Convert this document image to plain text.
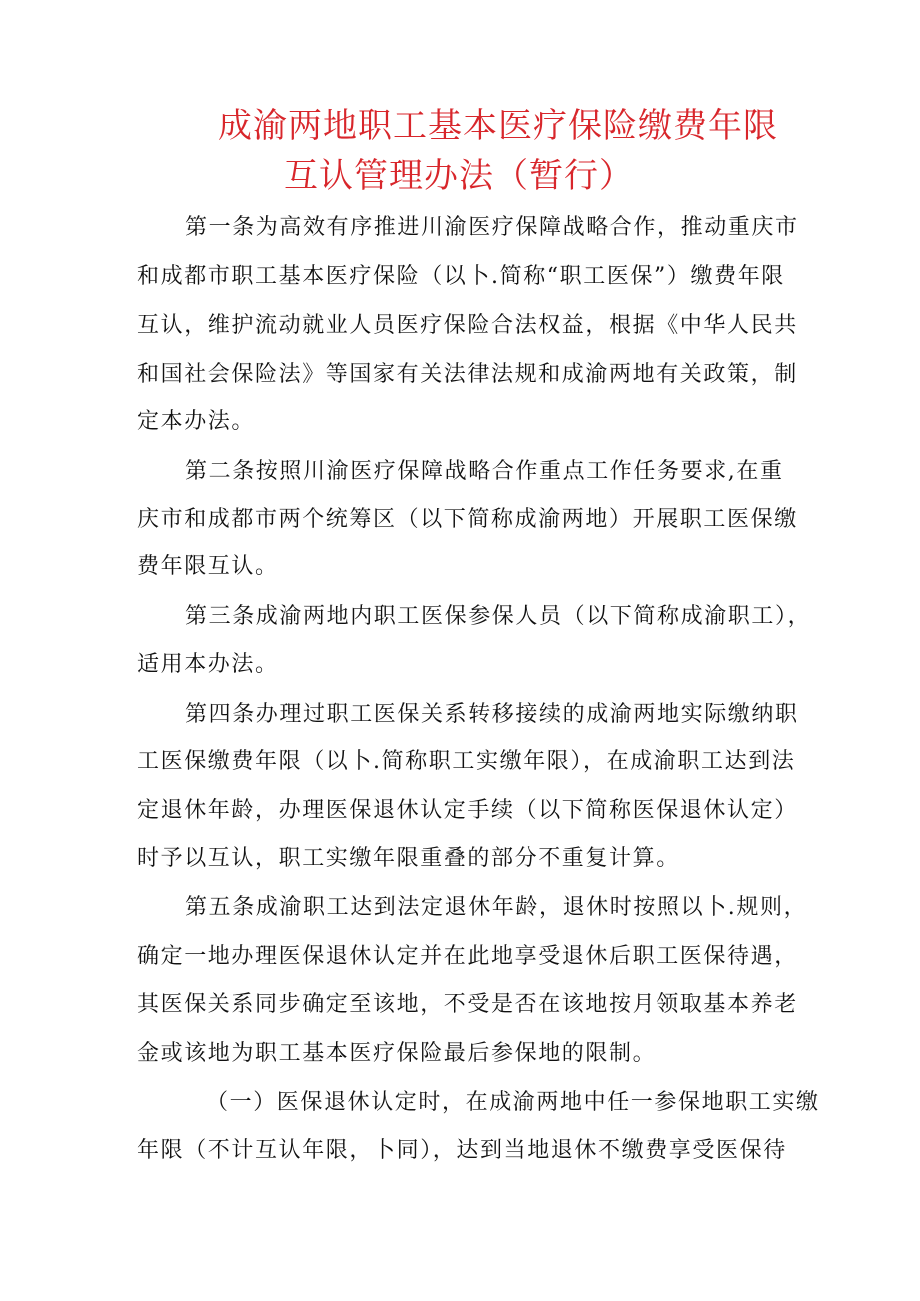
成渝两地职工基本医疗保险缴费年限
互认管理办法（暂行）
第一条为高效有序推进川渝医疗保障战略合作，推动重庆市
和成都市职工基本医疗保险（以卜.简称“职工医保”）缴费年限
互认，维护流动就业人员医疗保险合法权益，根据《中华人民共
和国社会保险法》等国家有关法律法规和成渝两地有关政策，制
定本办法。
第二条按照川渝医疗保障战略合作重点工作任务要求,在重
庆市和成都市两个统筹区（以下简称成渝两地）开展职工医保缴
费年限互认。
第三条成渝两地内职工医保参保人员（以下简称成渝职工），
适用本办法。
第四条办理过职工医保关系转移接续的成渝两地实际缴纳职
工医保缴费年限（以卜.简称职工实缴年限），在成渝职工达到法
定退休年龄，办理医保退休认定手续（以下简称医保退休认定）
时予以互认，职工实缴年限重叠的部分不重复计算。
第五条成渝职工达到法定退休年龄，退休时按照以卜.规则，
确定一地办理医保退休认定并在此地享受退休后职工医保待遇，
其医保关系同步确定至该地，不受是否在该地按月领取基本养老
金或该地为职工基本医疗保险最后参保地的限制。
（一）医保退休认定时，在成渝两地中任一参保地职工实缴
年限（不计互认年限，卜同），达到当地退休不缴费享受医保待
